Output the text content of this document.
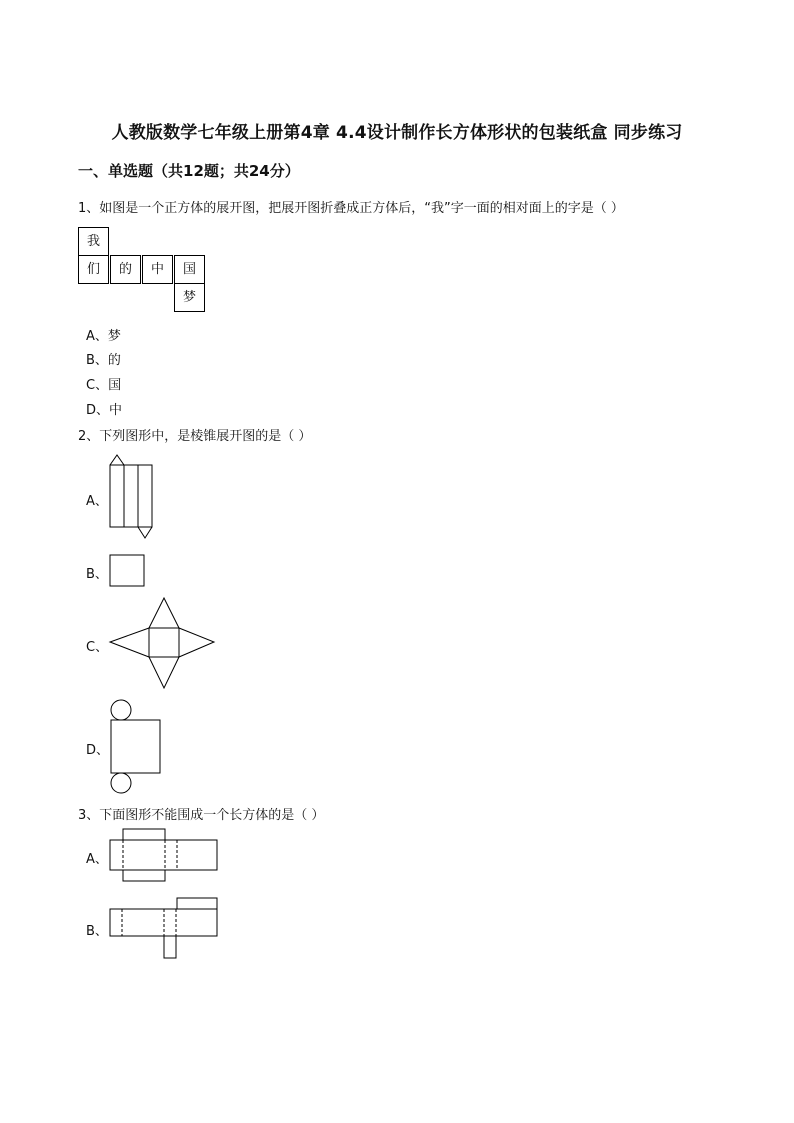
人教版数学七年级上册第4章 4.4设计制作长方体形状的包装纸盒 同步练习
一、单选题（共12题；共24分）
1、如图是一个正方体的展开图，把展开图折叠成正方体后，“我”字一面的相对面上的字是（ ）
我
们	的	中	国
梦
A、梦
B、的
C、国
D、中
2、下列图形中，是棱锥展开图的是（ ）
A、
B、
C、
D、
3、下面图形不能围成一个长方体的是（ ）
A、
B、
